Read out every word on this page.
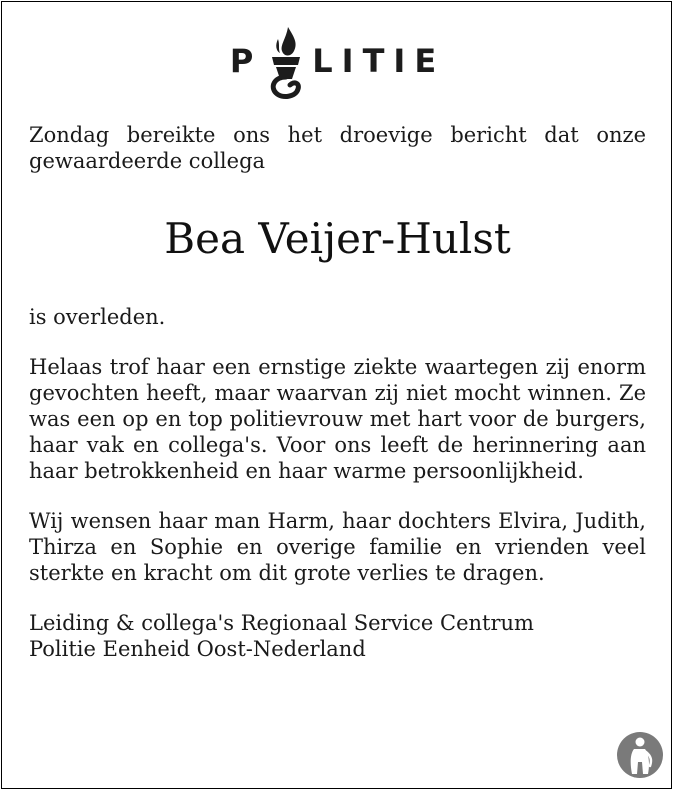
P LITIE

Zondag bereikte ons het droevige bericht dat onze gewaardeerde collega

Bea Veijer-Hulst

is overleden.

Helaas trof haar een ernstige ziekte waartegen zij enorm gevochten heeft, maar waarvan zij niet mocht winnen. Ze was een op en top politievrouw met hart voor de burgers, haar vak en collega's. Voor ons leeft de herinnering aan haar betrokkenheid en haar warme persoonlijkheid.

Wij wensen haar man Harm, haar dochters Elvira, Judith, Thirza en Sophie en overige familie en vrienden veel sterkte en kracht om dit grote verlies te dragen.

Leiding & collega's Regionaal Service Centrum

Politie Eenheid Oost-Nederland
